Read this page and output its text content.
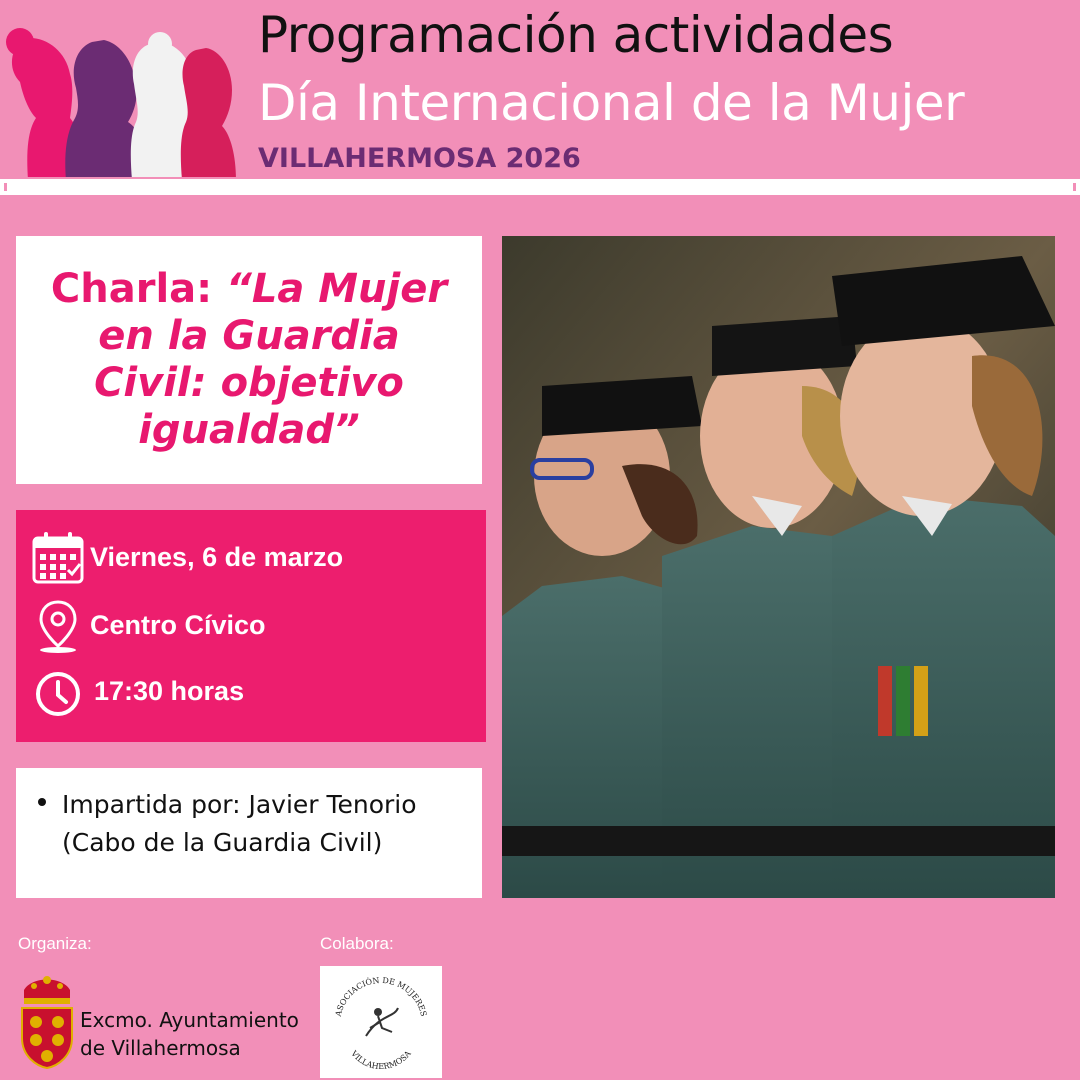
Programación actividades
Día Internacional de la Mujer
VILLAHERMOSA 2026

Charla: “La Mujer en la Guardia Civil: objetivo igualdad”

Viernes, 6 de marzo
Centro Cívico
17:30 horas
Impartida por: Javier Tenorio (Cabo de la Guardia Civil)
Organiza:	Colabora:
Excmo. Ayuntamiento
de Villahermosa
ASOCIACIÓN DE MUJERES
VILLAHERMOSA
